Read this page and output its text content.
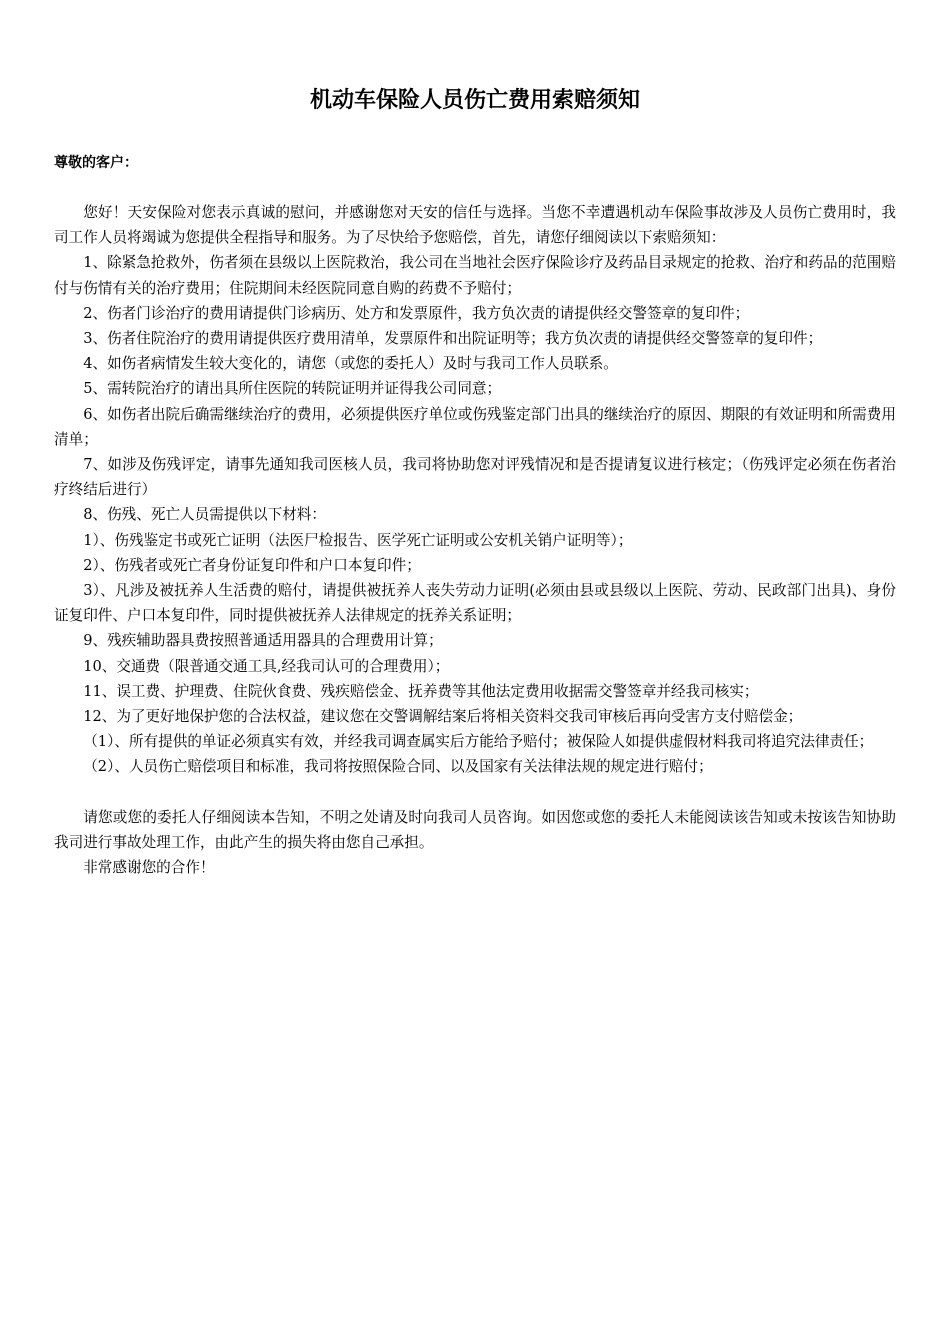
机动车保险人员伤亡费用索赔须知

尊敬的客户：

您好！天安保险对您表示真诚的慰问，并感谢您对天安的信任与选择。当您不幸遭遇机动车保险事故涉及人员伤亡费用时，我司工作人员将竭诚为您提供全程指导和服务。为了尽快给予您赔偿，首先，请您仔细阅读以下索赔须知：

1、除紧急抢救外，伤者须在县级以上医院救治，我公司在当地社会医疗保险诊疗及药品目录规定的抢救、治疗和药品的范围赔付与伤情有关的治疗费用；住院期间未经医院同意自购的药费不予赔付；

2、伤者门诊治疗的费用请提供门诊病历、处方和发票原件，我方负次责的请提供经交警签章的复印件；

3、伤者住院治疗的费用请提供医疗费用清单，发票原件和出院证明等；我方负次责的请提供经交警签章的复印件；

4、如伤者病情发生较大变化的，请您（或您的委托人）及时与我司工作人员联系。

5、需转院治疗的请出具所住医院的转院证明并证得我公司同意；

6、如伤者出院后确需继续治疗的费用，必须提供医疗单位或伤残鉴定部门出具的继续治疗的原因、期限的有效证明和所需费用清单；

7、如涉及伤残评定，请事先通知我司医核人员，我司将协助您对评残情况和是否提请复议进行核定；（伤残评定必须在伤者治疗终结后进行）

8、伤残、死亡人员需提供以下材料：

1）、伤残鉴定书或死亡证明（法医尸检报告、医学死亡证明或公安机关销户证明等）；

2）、伤残者或死亡者身份证复印件和户口本复印件；

3）、凡涉及被抚养人生活费的赔付，请提供被抚养人丧失劳动力证明(必须由县或县级以上医院、劳动、民政部门出具)、身份证复印件、户口本复印件，同时提供被抚养人法律规定的抚养关系证明；

9、残疾辅助器具费按照普通适用器具的合理费用计算；

10、交通费（限普通交通工具,经我司认可的合理费用）；

11、误工费、护理费、住院伙食费、残疾赔偿金、抚养费等其他法定费用收据需交警签章并经我司核实；

12、为了更好地保护您的合法权益，建议您在交警调解结案后将相关资料交我司审核后再向受害方支付赔偿金；

（1）、所有提供的单证必须真实有效，并经我司调查属实后方能给予赔付；被保险人如提供虚假材料我司将追究法律责任；

（2）、人员伤亡赔偿项目和标准，我司将按照保险合同、以及国家有关法律法规的规定进行赔付；

请您或您的委托人仔细阅读本告知，不明之处请及时向我司人员咨询。如因您或您的委托人未能阅读该告知或未按该告知协助我司进行事故处理工作，由此产生的损失将由您自己承担。

非常感谢您的合作！
